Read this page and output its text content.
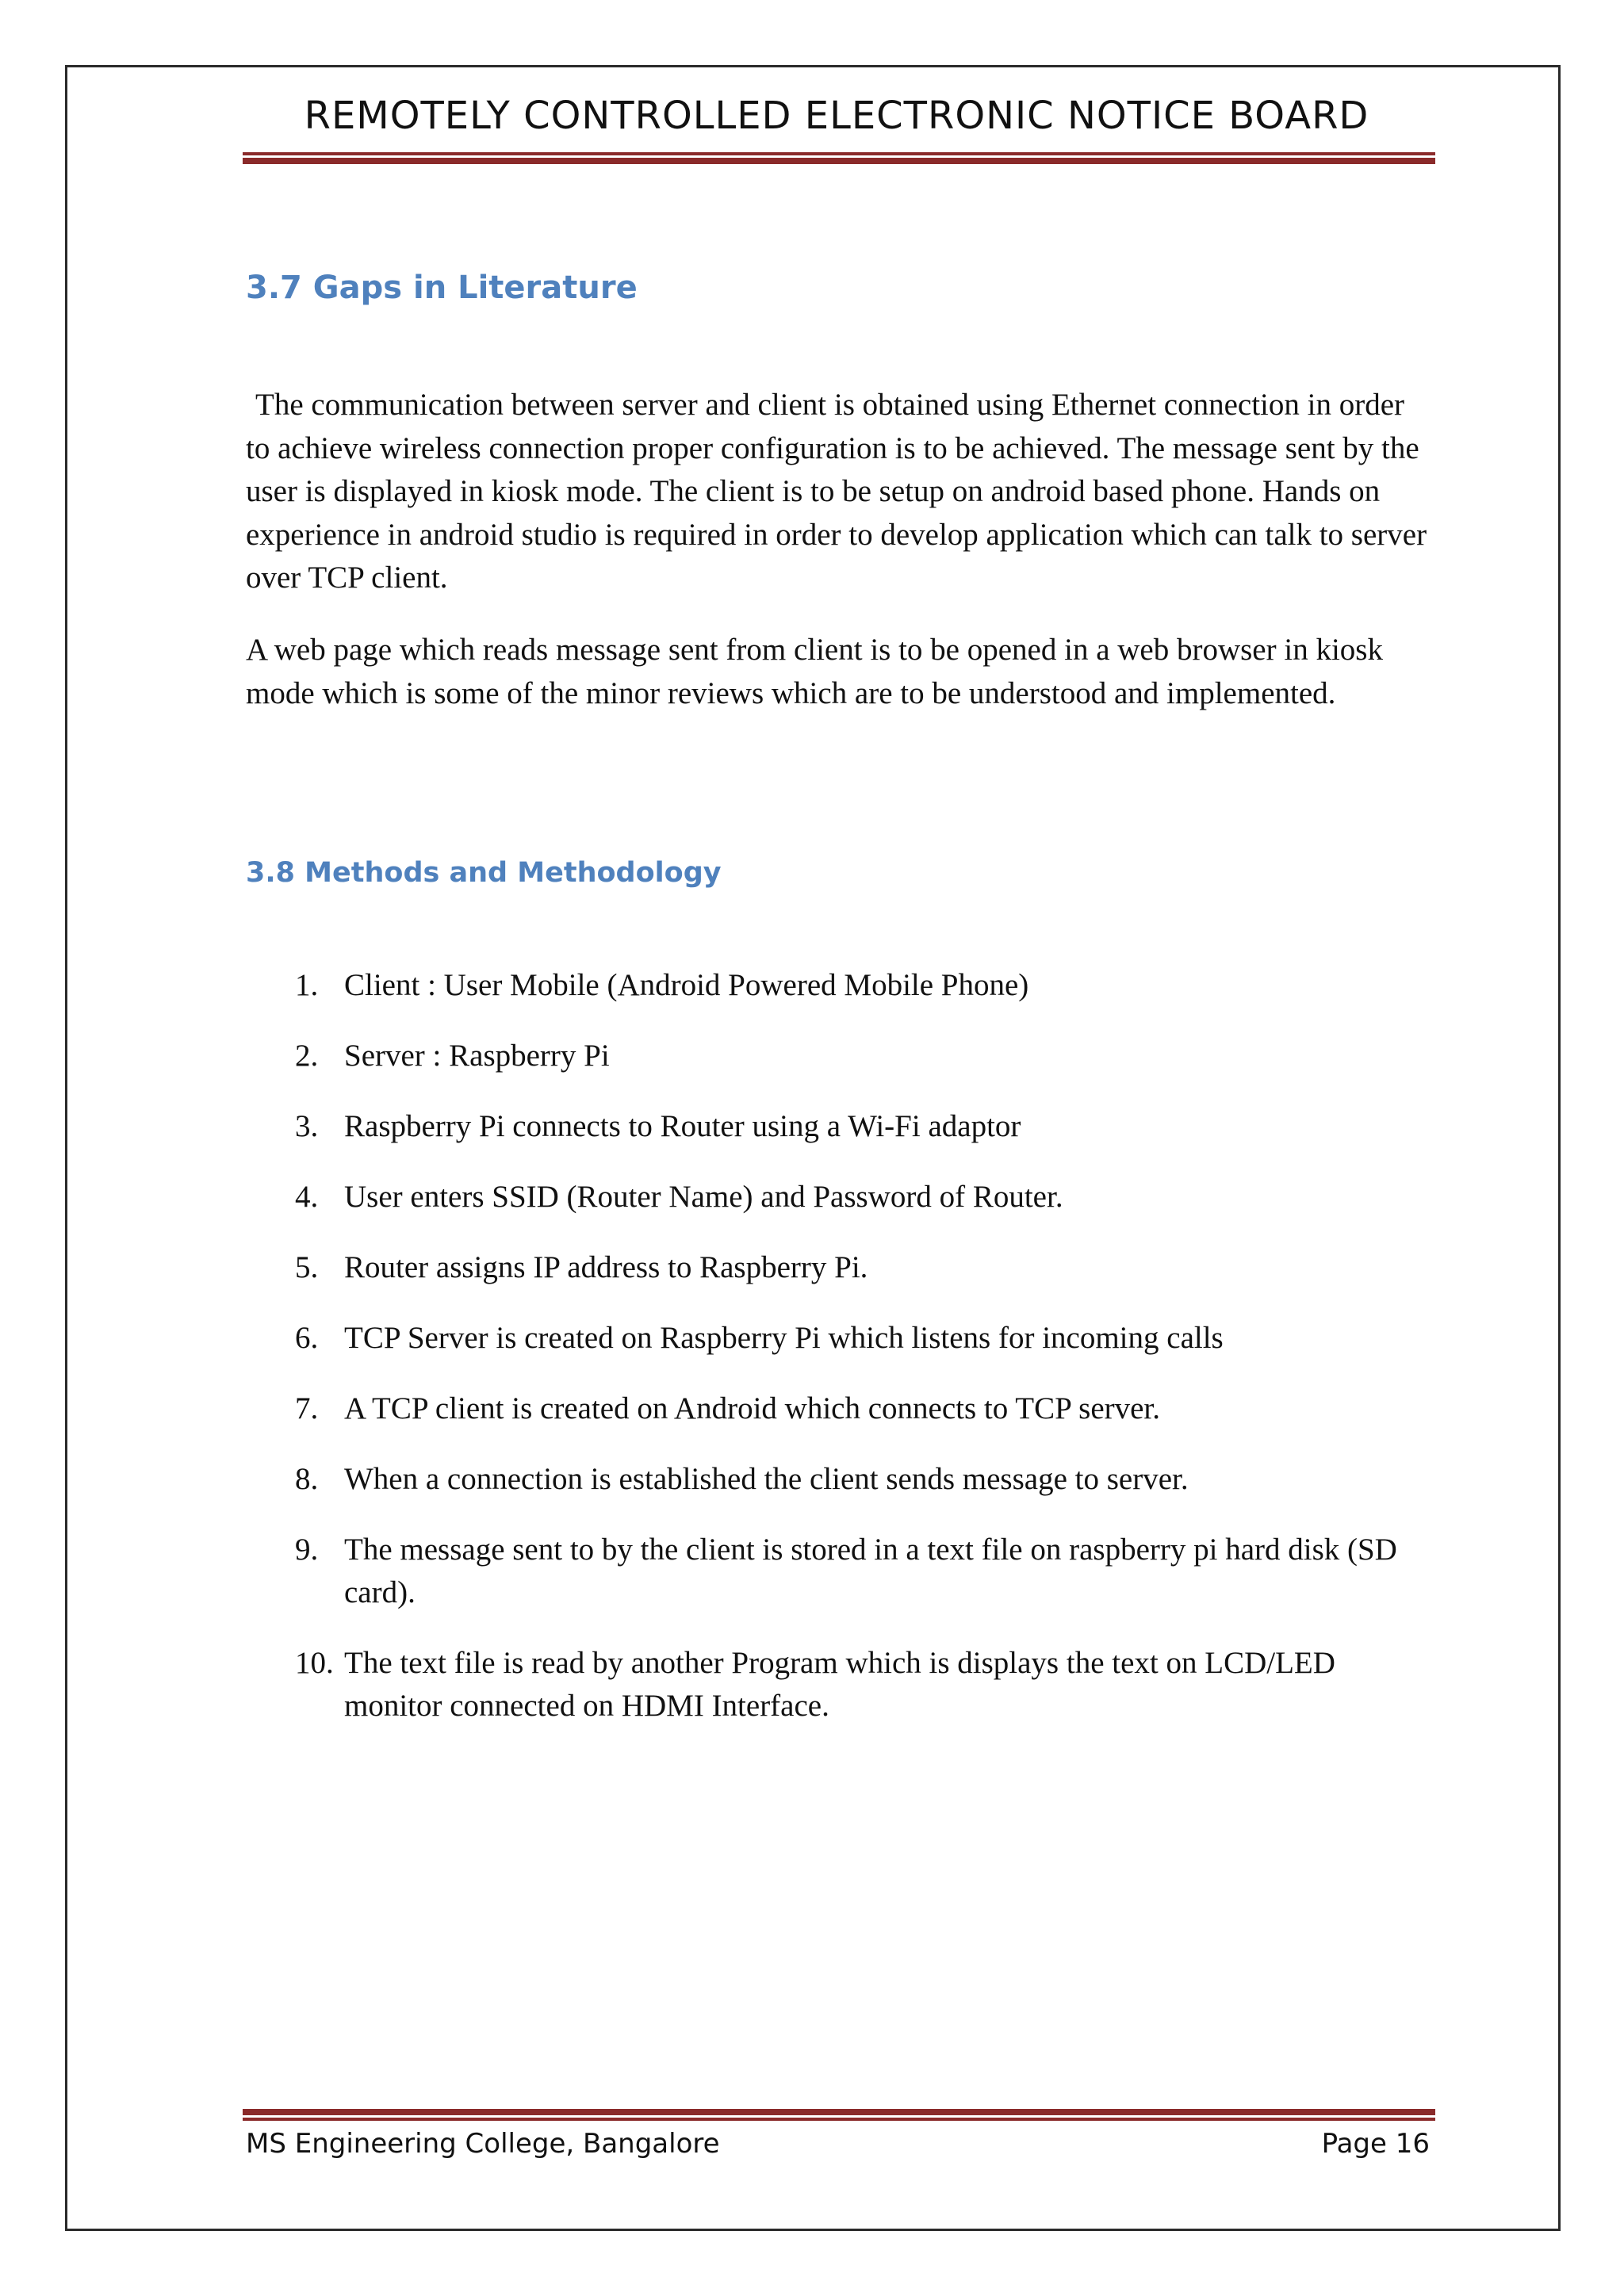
REMOTELY CONTROLLED ELECTRONIC NOTICE BOARD
3.7 Gaps in Literature

The communication between server and client is obtained using Ethernet connection in order to achieve wireless connection proper configuration is to be achieved. The message sent by the user is displayed in kiosk mode. The client is to be setup on android based phone. Hands on experience in android studio is required in order to develop application which can talk to server over TCP client.

A web page which reads message sent from client is to be opened in a web browser in kiosk mode which is some of the minor reviews which are to be understood and implemented.

3.8 Methods and Methodology
1. Client : User Mobile (Android Powered Mobile Phone)
2. Server : Raspberry Pi
3. Raspberry Pi connects to Router using a Wi-Fi adaptor
4. User enters SSID (Router Name) and Password of Router.
5. Router assigns IP address to Raspberry Pi.
6. TCP Server is created on Raspberry Pi which listens for incoming calls
7. A TCP client is created on Android which connects to TCP server.
8. When a connection is established the client sends message to server.
9. The message sent to by the client is stored in a text file on raspberry pi hard disk (SD card).
10. The text file is read by another Program which is displays the text on LCD/LED monitor connected on HDMI Interface.
MS Engineering College, Bangalore	Page 16
